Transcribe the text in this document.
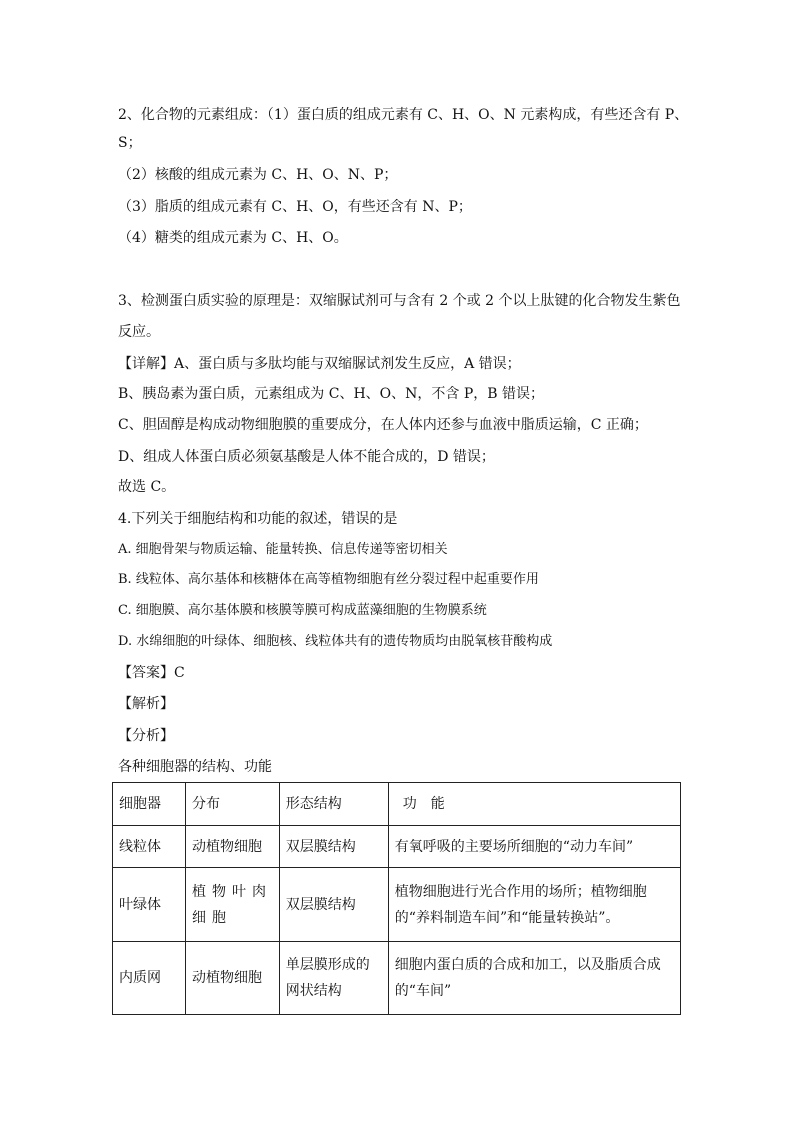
2、化合物的元素组成：（1）蛋白质的组成元素有 C、H、O、N 元素构成，有些还含有 P、
S；
（2）核酸的组成元素为 C、H、O、N、P；
（3）脂质的组成元素有 C、H、O，有些还含有 N、P；
（4）糖类的组成元素为 C、H、O。
3、检测蛋白质实验的原理是：双缩脲试剂可与含有 2 个或 2 个以上肽键的化合物发生紫色
反应。
【详解】A、蛋白质与多肽均能与双缩脲试剂发生反应，A 错误；
B、胰岛素为蛋白质，元素组成为 C、H、O、N，不含 P，B 错误；
C、胆固醇是构成动物细胞膜的重要成分，在人体内还参与血液中脂质运输，C 正确；
D、组成人体蛋白质必须氨基酸是人体不能合成的，D 错误；
故选 C。
4.下列关于细胞结构和功能的叙述，错误的是
A. 细胞骨架与物质运输、能量转换、信息传递等密切相关
B. 线粒体、高尔基体和核糖体在高等植物细胞有丝分裂过程中起重要作用
C. 细胞膜、高尔基体膜和核膜等膜可构成蓝藻细胞的生物膜系统
D. 水绵细胞的叶绿体、细胞核、线粒体共有的遗传物质均由脱氧核苷酸构成
【答案】C
【解析】
【分析】
各种细胞器的结构、功能
细胞器	分布	形态结构	功　能
线粒体	动植物细胞	双层膜结构	有氧呼吸的主要场所细胞的“动力车间”
叶绿体	植物叶肉细胞	双层膜结构	植物细胞进行光合作用的场所；植物细胞的“养料制造车间”和“能量转换站”。
内质网	动植物细胞	单层膜形成的网状结构	细胞内蛋白质的合成和加工，以及脂质合成的“车间”
